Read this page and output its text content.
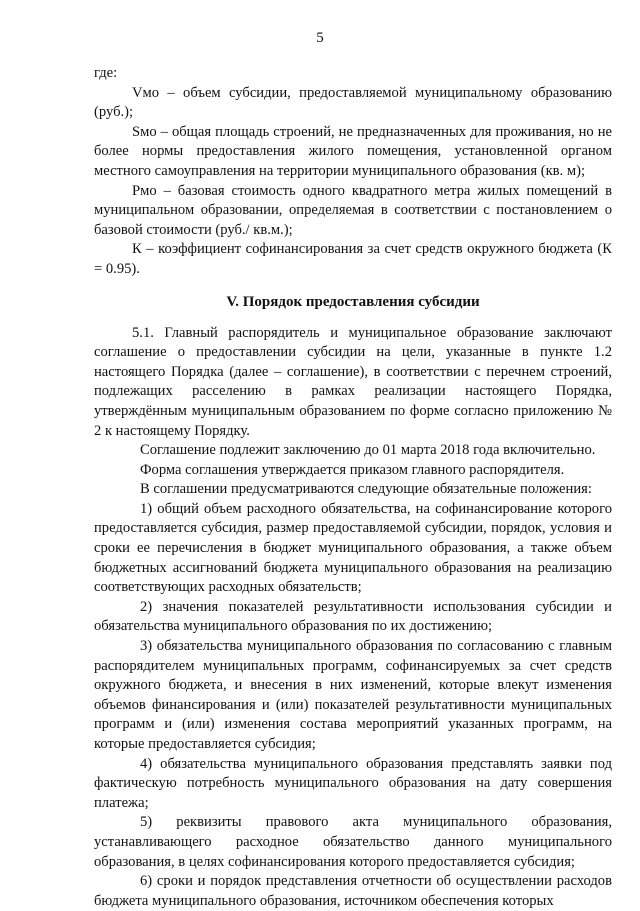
5

где:

Vмо – объем субсидии, предоставляемой муниципальному образованию (руб.);

Sмо – общая площадь строений, не предназначенных для проживания, но не более нормы предоставления жилого помещения, установленной органом местного самоуправления на территории муниципального образования (кв. м);

Pмо – базовая стоимость одного квадратного метра жилых помещений в муниципальном образовании, определяемая в соответствии с постановлением о базовой стоимости (руб./ кв.м.);

К – коэффициент софинансирования за счет средств окружного бюджета (К = 0.95).

V. Порядок предоставления субсидии

5.1. Главный распорядитель и муниципальное образование заключают соглашение о предоставлении субсидии на цели, указанные в пункте 1.2 настоящего Порядка (далее – соглашение), в соответствии с перечнем строений, подлежащих расселению в рамках реализации настоящего Порядка, утверждённым муниципальным образованием по форме согласно приложению № 2 к настоящему Порядку.

Соглашение подлежит заключению до 01 марта 2018 года включительно.

Форма соглашения утверждается приказом главного распорядителя.

В соглашении предусматриваются следующие обязательные положения:

1) общий объем расходного обязательства, на софинансирование которого предоставляется субсидия, размер предоставляемой субсидии, порядок, условия и сроки ее перечисления в бюджет муниципального образования, а также объем бюджетных ассигнований бюджета муниципального образования на реализацию соответствующих расходных обязательств;

2) значения показателей результативности использования субсидии и обязательства муниципального образования по их достижению;

3) обязательства муниципального образования по согласованию с главным распорядителем муниципальных программ, софинансируемых за счет средств окружного бюджета, и внесения в них изменений, которые влекут изменения объемов финансирования и (или) показателей результативности муниципальных программ и (или) изменения состава мероприятий указанных программ, на которые предоставляется субсидия;

4) обязательства муниципального образования представлять заявки под фактическую потребность муниципального образования на дату совершения платежа;

5) реквизиты правового акта муниципального образования, устанавливающего расходное обязательство данного муниципального образования, в целях софинансирования которого предоставляется субсидия;

6) сроки и порядок представления отчетности об осуществлении расходов бюджета муниципального образования, источником обеспечения которых
